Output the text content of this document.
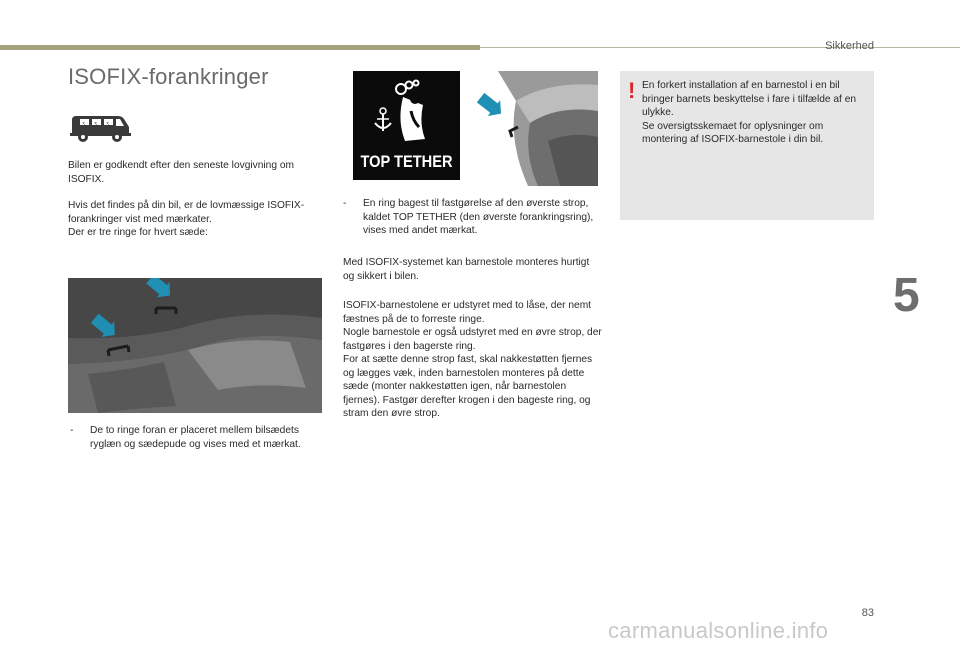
Sikkerhed
ISOFIX-forankringer
ʒ ʒ ʒ

Bilen er godkendt efter den seneste lovgivning om ISOFIX.

Hvis det findes på din bil, er de lovmæssige ISOFIX-forankringer vist med mærkater.
Der er tre ringe for hvert sæde:

-	De to ringe foran er placeret mellem bilsædets ryglæn og sædepude og vises med et mærkat.
TOP TETHER
-	En ring bagest til fastgørelse af den øverste strop, kaldet TOP TETHER (den øverste forankringsring), vises med andet mærkat.

Med ISOFIX-systemet kan barnestole monteres hurtigt og sikkert i bilen.

ISOFIX-barnestolene er udstyret med to låse, der nemt fæstnes på de to forreste ringe.
Nogle barnestole er også udstyret med en øvre strop, der fastgøres i den bagerste ring.
For at sætte denne strop fast, skal nakkestøtten fjernes og lægges væk, inden barnestolen monteres på dette sæde (monter nakkestøtten igen, når barnestolen fjernes). Fastgør derefter krogen i den bageste ring, og stram den øvre strop.

! En forkert installation af en barnestol i en bil bringer barnets beskyttelse i fare i tilfælde af en ulykke.
Se oversigtsskemaet for oplysninger om montering af ISOFIX-barnestole i din bil.

5
83
carmanualsonline.info
